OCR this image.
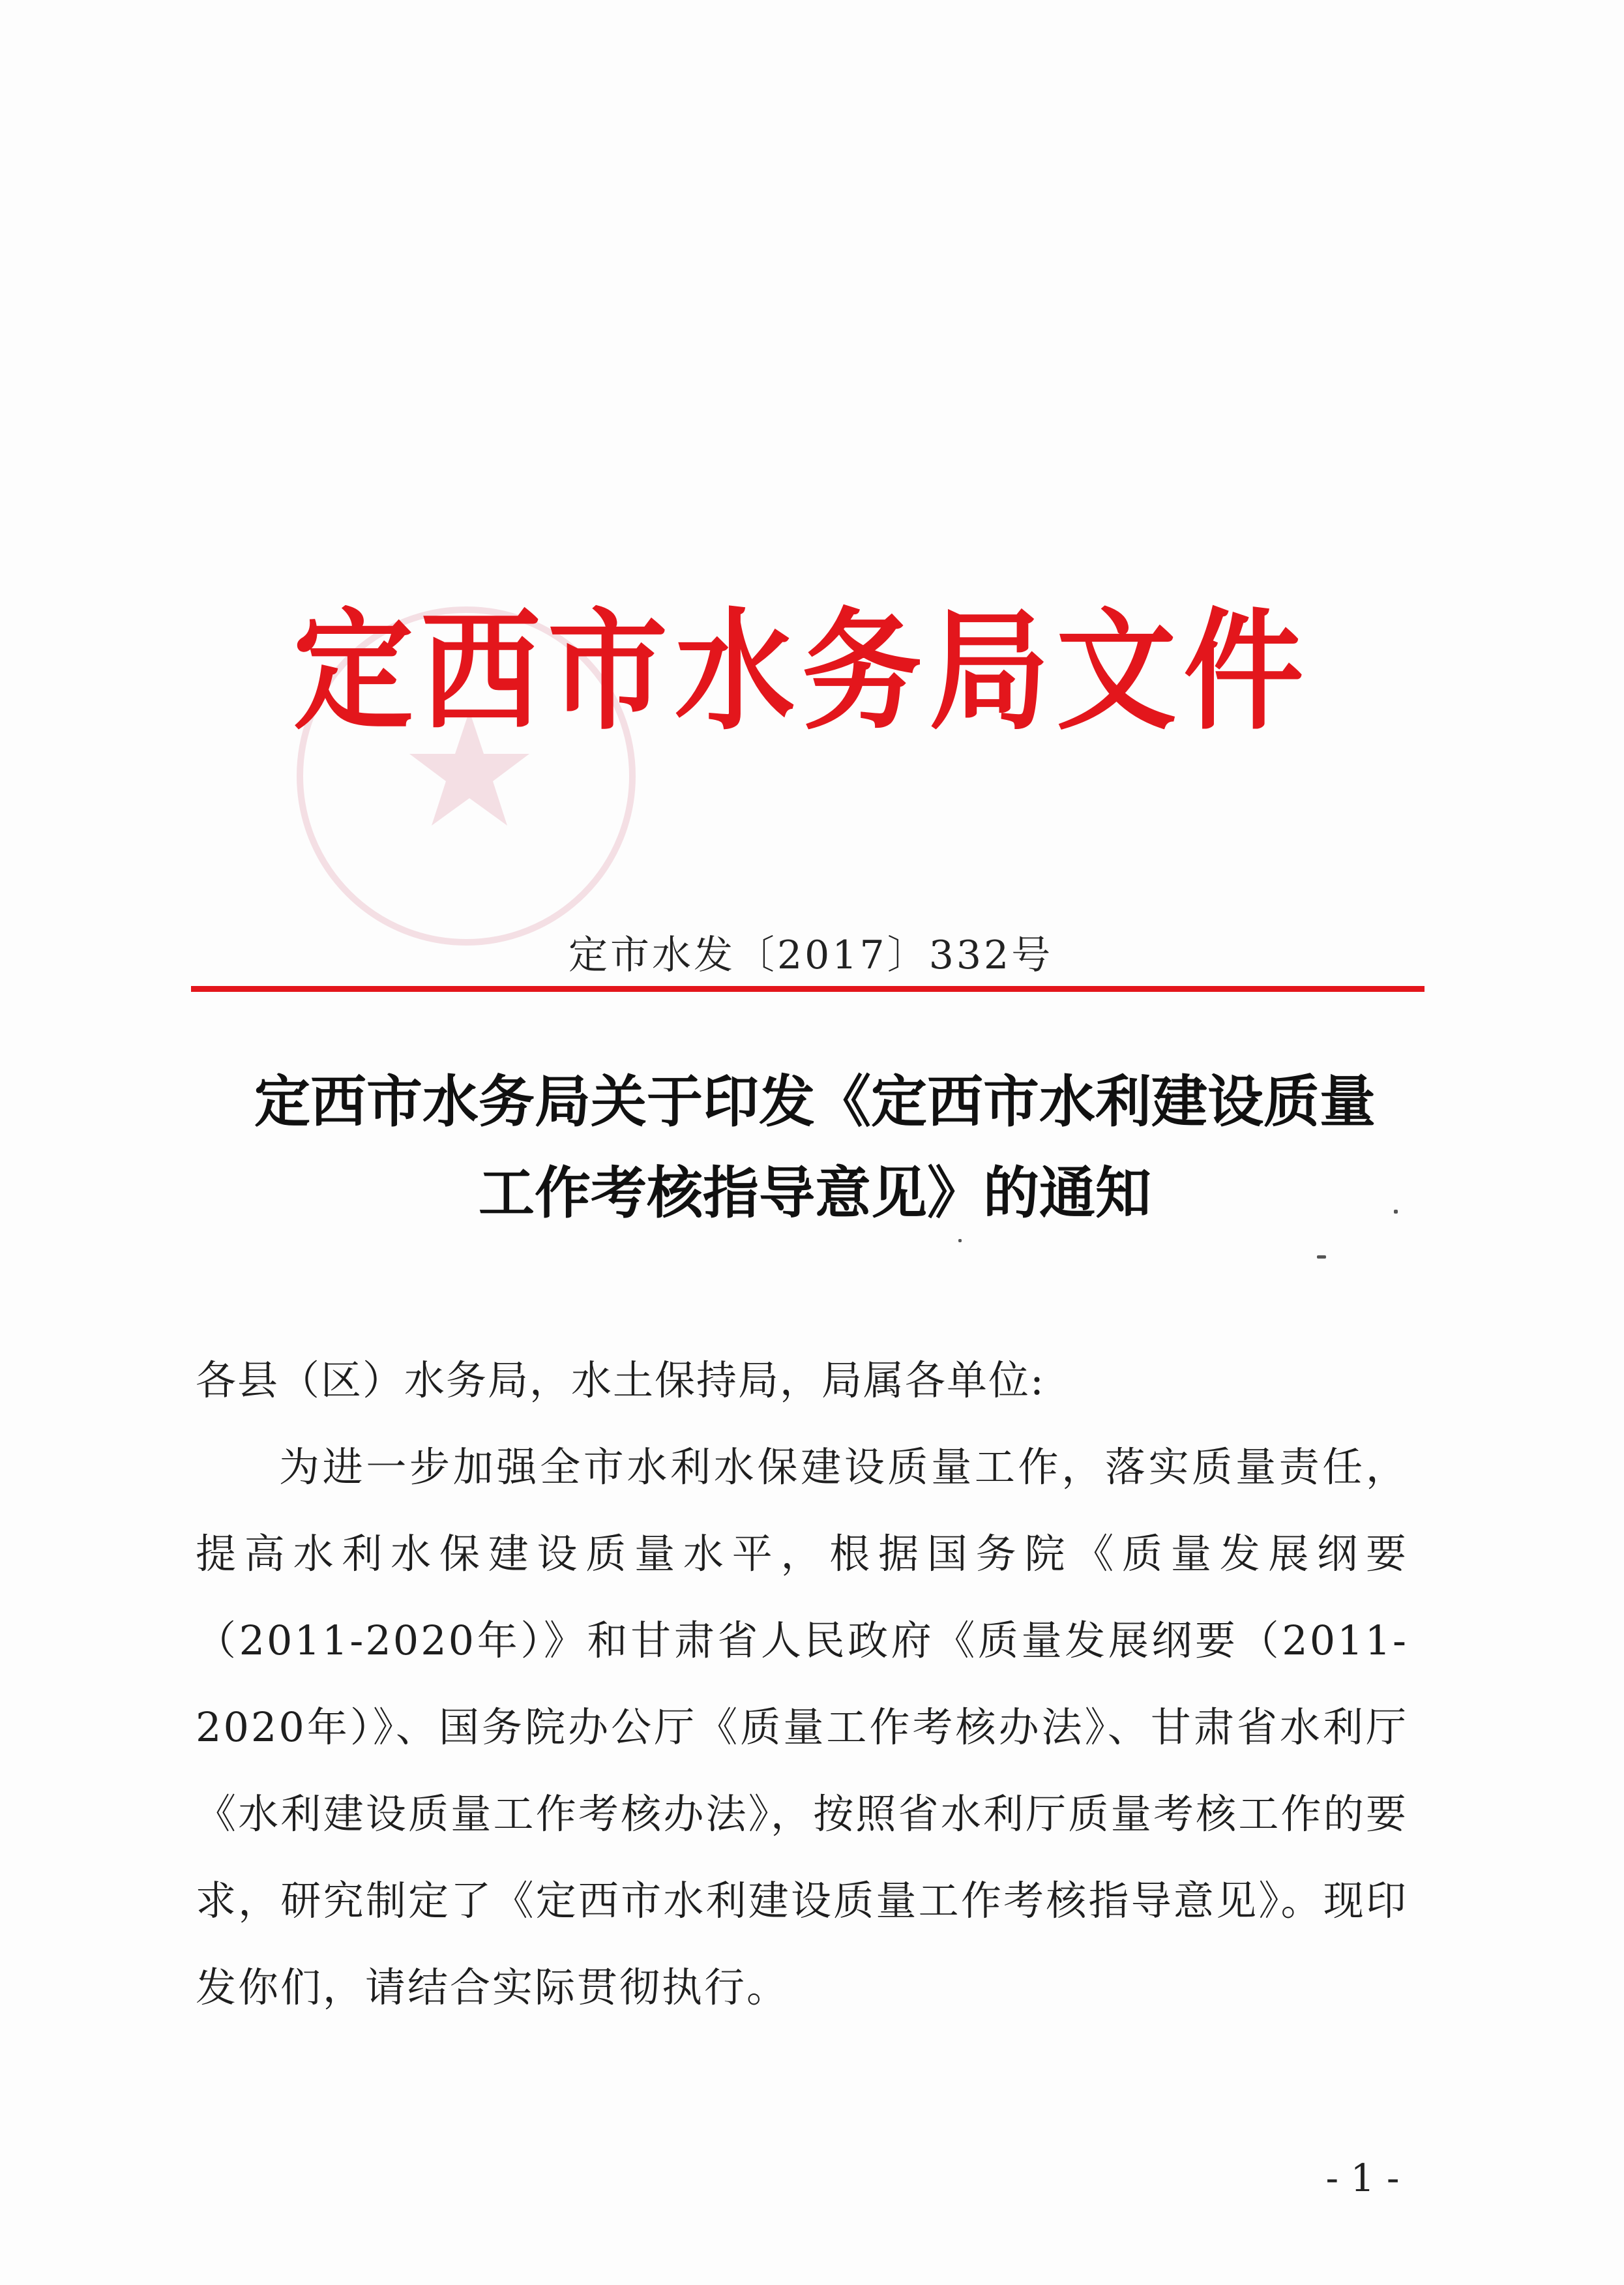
定西市水务局文件
定市水发〔2017〕332号
定西市水务局关于印发《定西市水利建设质量
工作考核指导意见》的通知

各县（区）水务局，水土保持局，局属各单位:

为进一步加强全市水利水保建设质量工作，落实质量责任，提高水利水保建设质量水平，根据国务院《质量发展纲要（2011-2020年）》和甘肃省人民政府《质量发展纲要（2011-2020年）》、国务院办公厅《质量工作考核办法》、甘肃省水利厅《水利建设质量工作考核办法》，按照省水利厅质量考核工作的要求，研究制定了《定西市水利建设质量工作考核指导意见》。现印发你们，请结合实际贯彻执行。

- 1 -
